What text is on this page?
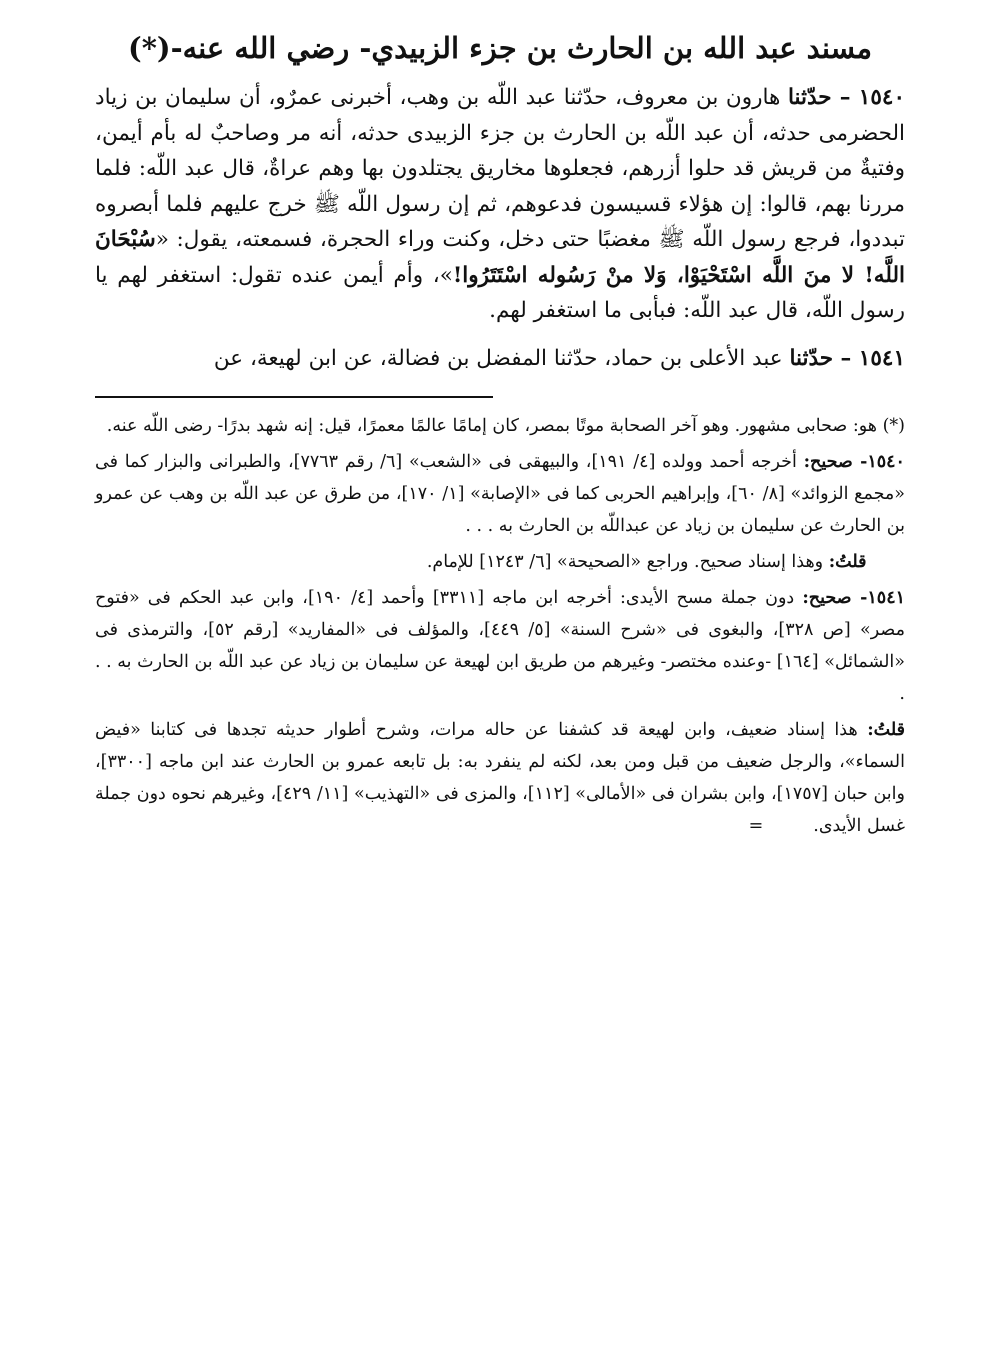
مسند عبد الله بن الحارث بن جزء الزبيدي- رضي الله عنه-(*)

١٥٤٠ – حدّثنا هارون بن معروف، حدّثنا عبد اللّه بن وهب، أخبرنى عمرٌو، أن سليمان بن زياد الحضرمى حدثه، أن عبد اللّه بن الحارث بن جزء الزبيدى حدثه، أنه مر وصاحبٌ له بأم أيمن، وفتيةٌ من قريش قد حلوا أزرهم، فجعلوها مخاريق يجتلدون بها وهم عراةٌ، قال عبد اللّه: فلما مررنا بهم، قالوا: إن هؤلاء قسيسون فدعوهم، ثم إن رسول اللّه ﷺ خرج عليهم فلما أبصروه تبددوا، فرجع رسول اللّه ﷺ مغضبًا حتى دخل، وكنت وراء الحجرة، فسمعته، يقول: «سُبْحَانَ اللَّه! لا منَ اللَّه اسْتَحْيَوْا، وَلا منْ رَسُوله اسْتَتَرُوا!»، وأم أيمن عنده تقول: استغفر لهم يا رسول اللّه، قال عبد اللّه: فبأبى ما استغفر لهم.

١٥٤١ – حدّثنا عبد الأعلى بن حماد، حدّثنا المفضل بن فضالة، عن ابن لهيعة، عن

(*) هو: صحابى مشهور. وهو آخر الصحابة موتًا بمصر، كان إمامًا عالمًا معمرًا، قيل: إنه شهد بدرًا- رضى اللّه عنه.

١٥٤٠- صحيح: أخرجه أحمد وولده [٤/ ١٩١]، والبيهقى فى «الشعب» [٦/ رقم ٧٧٦٣]، والطبرانى والبزار كما فى «مجمع الزوائد» [٨/ ٦٠]، وإبراهيم الحربى كما فى «الإصابة» [١/ ١٧٠]، من طرق عن عبد اللّه بن وهب عن عمرو بن الحارث عن سليمان بن زياد عن عبداللّه بن الحارث به . . .

قلتُ: وهذا إسناد صحيح. وراجع «الصحيحة» [٦/ ١٢٤٣] للإمام.

١٥٤١- صحيح: دون جملة مسح الأيدى: أخرجه ابن ماجه [٣٣١١] وأحمد [٤/ ١٩٠]، وابن عبد الحكم فى «فتوح مصر» [ص ٣٢٨]، والبغوى فى «شرح السنة» [٥/ ٤٤٩]، والمؤلف فى «المفاريد» [رقم ٥٢]، والترمذى فى «الشمائل» [١٦٤] -وعنده مختصر- وغيرهم من طريق ابن لهيعة عن سليمان بن زياد عن عبد اللّه بن الحارث به . . .

قلتُ: هذا إسناد ضعيف، وابن لهيعة قد كشفنا عن حاله مرات، وشرح أطوار حديثه تجدها فى كتابنا «فيض السماء»، والرجل ضعيف من قبل ومن بعد، لكنه لم ينفرد به: بل تابعه عمرو بن الحارث عند ابن ماجه [٣٣٠٠]، وابن حبان [١٧٥٧]، وابن بشران فى «الأمالى» [١١٢]، والمزى فى «التهذيب» [١١/ ٤٢٩]، وغيرهم نحوه دون جملة غسل الأيدى.=
